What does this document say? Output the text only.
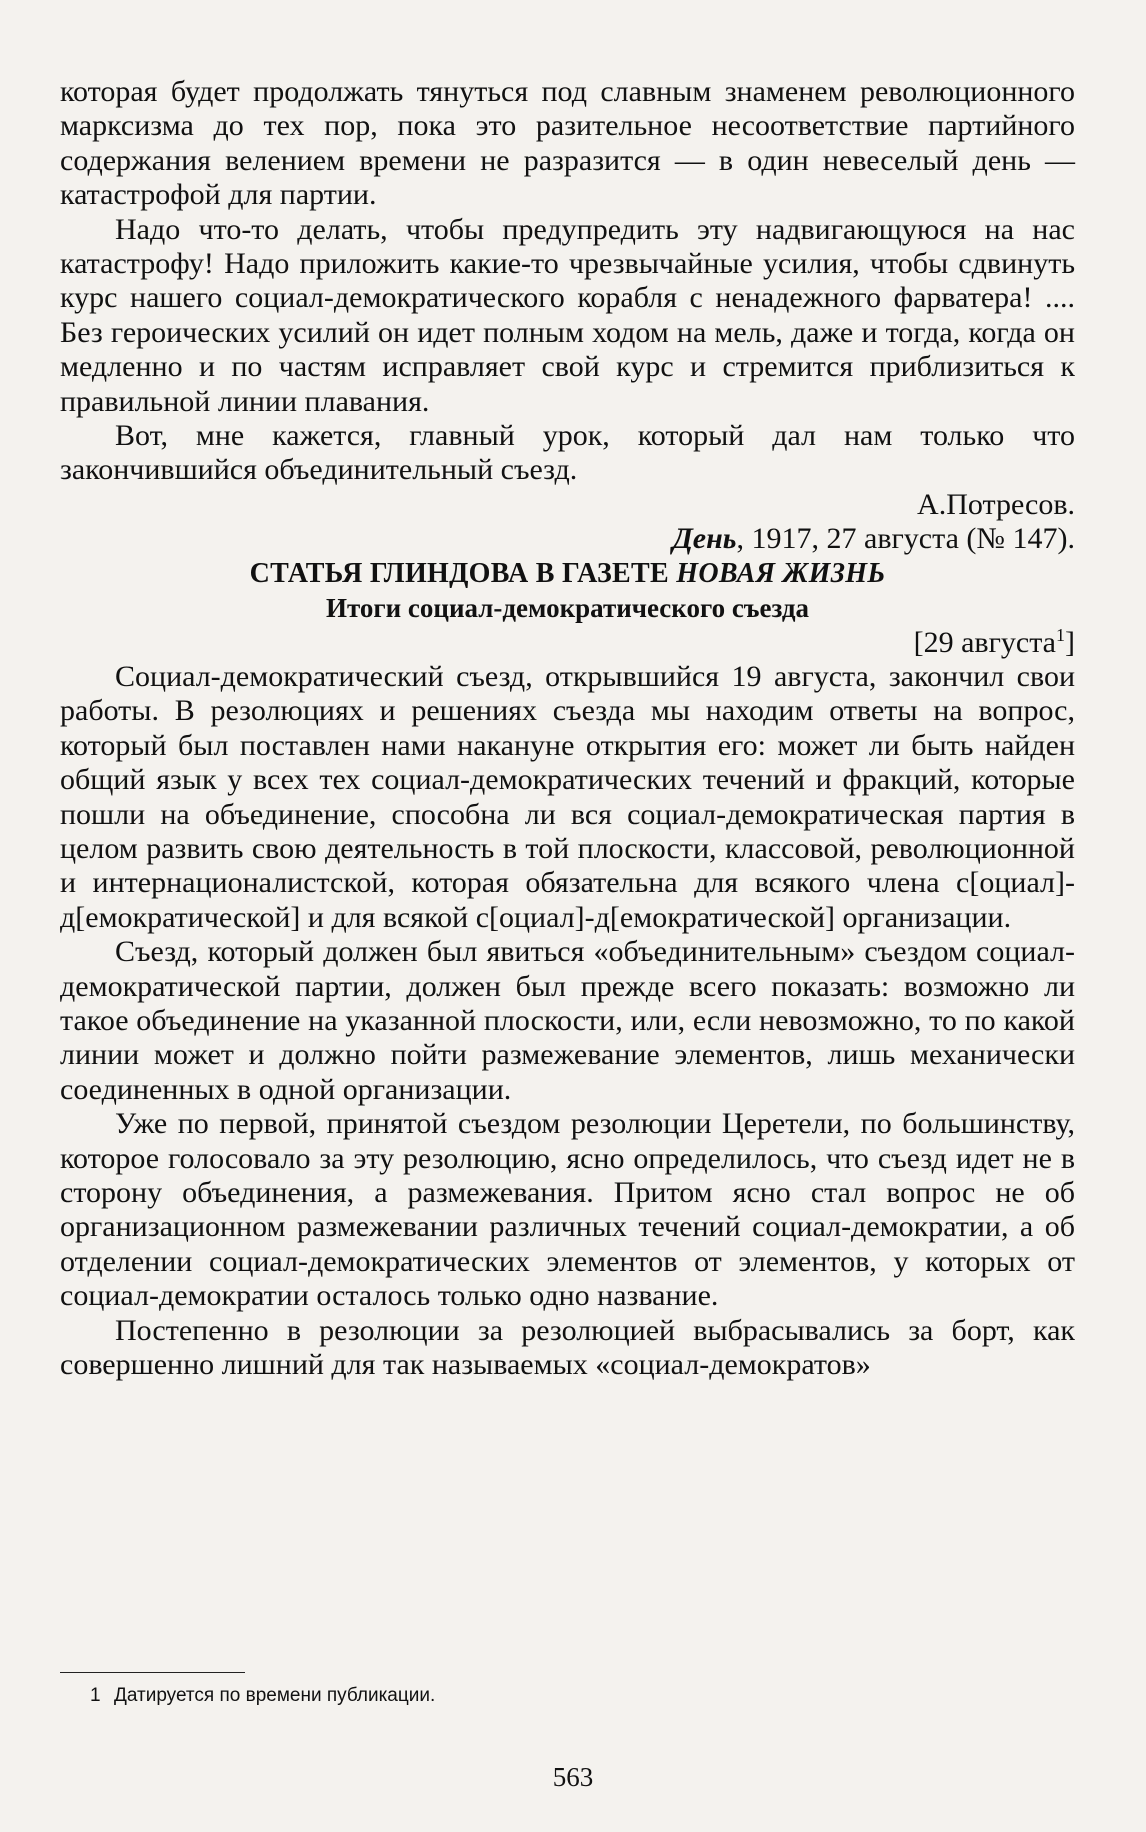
которая будет продолжать тянуться под славным знаменем революционного марксизма до тех пор, пока это разительное несоответствие партийного содержания велением времени не разразится — в один невеселый день — катастрофой для партии.

Надо что-то делать, чтобы предупредить эту надвигающуюся на нас катастрофу! Надо приложить какие-то чрезвычайные усилия, чтобы сдвинуть курс нашего социал-демократического корабля с ненадежного фарватера! .... Без героических усилий он идет полным ходом на мель, даже и тогда, когда он медленно и по частям исправляет свой курс и стремится приблизиться к правильной линии плавания.

Вот, мне кажется, главный урок, который дал нам только что закончившийся объединительный съезд.

А.Потресов.

День, 1917, 27 августа (№ 147).

СТАТЬЯ ГЛИНДОВА В ГАЗЕТЕ НОВАЯ ЖИЗНЬ

Итоги социал-демократического съезда

[29 августа$^1$]

Социал-демократический съезд, открывшийся 19 августа, закончил свои работы. В резолюциях и решениях съезда мы находим ответы на вопрос, который был поставлен нами накануне открытия его: может ли быть найден общий язык у всех тех социал-демократических течений и фракций, которые пошли на объединение, способна ли вся социал-демократическая партия в целом развить свою деятельность в той плоскости, классовой, революционной и интернационалистской, которая обязательна для всякого члена с[оциал]-д[емократической] и для всякой с[оциал]-д[емократической] организации.

Съезд, который должен был явиться «объединительным» съездом социал-демократической партии, должен был прежде всего показать: возможно ли такое объединение на указанной плоскости, или, если невозможно, то по какой линии может и должно пойти размежевание элементов, лишь механически соединенных в одной организации.

Уже по первой, принятой съездом резолюции Церетели, по большинству, которое голосовало за эту резолюцию, ясно определилось, что съезд идет не в сторону объединения, а размежевания. Притом ясно стал вопрос не об организационном размежевании различных течений социал-демократии, а об отделении социал-демократических элементов от элементов, у которых от социал-демократии осталось только одно название.

Постепенно в резолюции за резолюцией выбрасывались за борт, как совершенно лишний для так называемых «социал-демократов»

1 Датируется по времени публикации.
563
